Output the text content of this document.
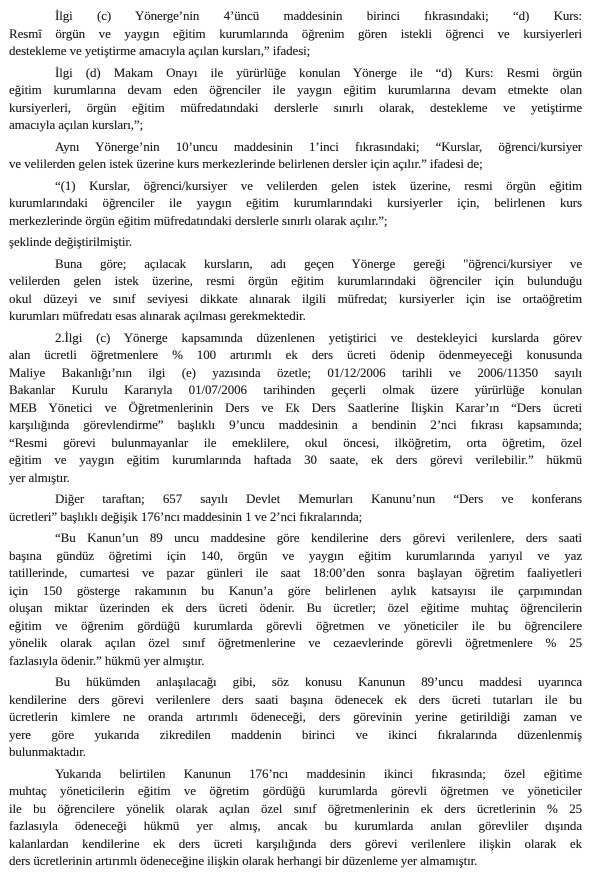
İlgi (c) Yönerge’nin 4’üncü maddesinin birinci fıkrasındaki; “d) Kurs:
Resmî örgün ve yaygın eğitim kurumlarında öğrenim gören istekli öğrenci ve kursiyerleri
destekleme ve yetiştirme amacıyla açılan kursları,” ifadesi;
İlgi (d) Makam Onayı ile yürürlüğe konulan Yönerge ile “d) Kurs: Resmi örgün
eğitim kurumlarına devam eden öğrenciler ile yaygın eğitim kurumlarına devam etmekte olan
kursiyerleri, örgün eğitim müfredatındaki derslerle sınırlı olarak, destekleme ve yetiştirme
amacıyla açılan kursları,”;
Aynı Yönerge’nin 10’uncu maddesinin 1’inci fıkrasındaki; “Kurslar, öğrenci/kursiyer
ve velilerden gelen istek üzerine kurs merkezlerinde belirlenen dersler için açılır.” ifadesi de;
“(1) Kurslar, öğrenci/kursiyer ve velilerden gelen istek üzerine, resmi örgün eğitim
kurumlarındaki öğrenciler ile yaygın eğitim kurumlarındaki kursiyerler için, belirlenen kurs
merkezlerinde örgün eğitim müfredatındaki derslerle sınırlı olarak açılır.”;
şeklinde değiştirilmiştir.
Buna göre; açılacak kursların, adı geçen Yönerge gereği "öğrenci/kursiyer ve
velilerden gelen istek üzerine, resmi örgün eğitim kurumlarındaki öğrenciler için bulunduğu
okul düzeyi ve sınıf seviyesi dikkate alınarak ilgili müfredat; kursiyerler için ise ortaöğretim
kurumları müfredatı esas alınarak açılması gerekmektedir.
2.İlgi (c) Yönerge kapsamında düzenlenen yetiştirici ve destekleyici kurslarda görev
alan ücretli öğretmenlere % 100 artırımlı ek ders ücreti ödenip ödenmeyeceği konusunda
Maliye Bakanlığı’nın ilgi (e) yazısında özetle; 01/12/2006 tarihli ve 2006/11350 sayılı
Bakanlar Kurulu Kararıyla 01/07/2006 tarihinden geçerli olmak üzere yürürlüğe konulan
MEB Yönetici ve Öğretmenlerinin Ders ve Ek Ders Saatlerine İlişkin Karar’ın “Ders ücreti
karşılığında görevlendirme” başlıklı 9’uncu maddesinin a bendinin 2’nci fıkrası kapsamında;
“Resmi görevi bulunmayanlar ile emeklilere, okul öncesi, ilköğretim, orta öğretim, özel
eğitim ve yaygın eğitim kurumlarında haftada 30 saate, ek ders görevi verilebilir.” hükmü
yer almıştır.
Diğer taraftan; 657 sayılı Devlet Memurları Kanunu’nun “Ders ve konferans
ücretleri” başlıklı değişik 176’ncı maddesinin 1 ve 2’nci fıkralarında;
“Bu Kanun’un 89 uncu maddesine göre kendilerine ders görevi verilenlere, ders saati
başına gündüz öğretimi için 140, örgün ve yaygın eğitim kurumlarında yarıyıl ve yaz
tatillerinde, cumartesi ve pazar günleri ile saat 18:00’den sonra başlayan öğretim faaliyetleri
için 150 gösterge rakamının bu Kanun’a göre belirlenen aylık katsayısı ile çarpımından
oluşan miktar üzerinden ek ders ücreti ödenir. Bu ücretler; özel eğitime muhtaç öğrencilerin
eğitim ve öğrenim gördüğü kurumlarda görevli öğretmen ve yöneticiler ile bu öğrencilere
yönelik olarak açılan özel sınıf öğretmenlerine ve cezaevlerinde görevli öğretmenlere % 25
fazlasıyla ödenir.” hükmü yer almıştır.
Bu hükümden anlaşılacağı gibi, söz konusu Kanunun 89’uncu maddesi uyarınca
kendilerine ders görevi verilenlere ders saati başına ödenecek ek ders ücreti tutarları ile bu
ücretlerin kimlere ne oranda artırımlı ödeneceği, ders görevinin yerine getirildiği zaman ve
yere göre yukarıda zikredilen maddenin birinci ve ikinci fıkralarında düzenlenmiş
bulunmaktadır.
Yukarıda belirtilen Kanunun 176’ncı maddesinin ikinci fıkrasında; özel eğitime
muhtaç yöneticilerin eğitim ve öğretim gördüğü kurumlarda görevli öğretmen ve yöneticiler
ile bu öğrencilere yönelik olarak açılan özel sınıf öğretmenlerinin ek ders ücretlerinin % 25
fazlasıyla ödeneceği hükmü yer almış, ancak bu kurumlarda anılan görevliler dışında
kalanlardan kendilerine ek ders ücreti karşılığında ders görevi verilenlere ilişkin olarak ek
ders ücretlerinin artırımlı ödeneceğine ilişkin olarak herhangi bir düzenleme yer almamıştır.
